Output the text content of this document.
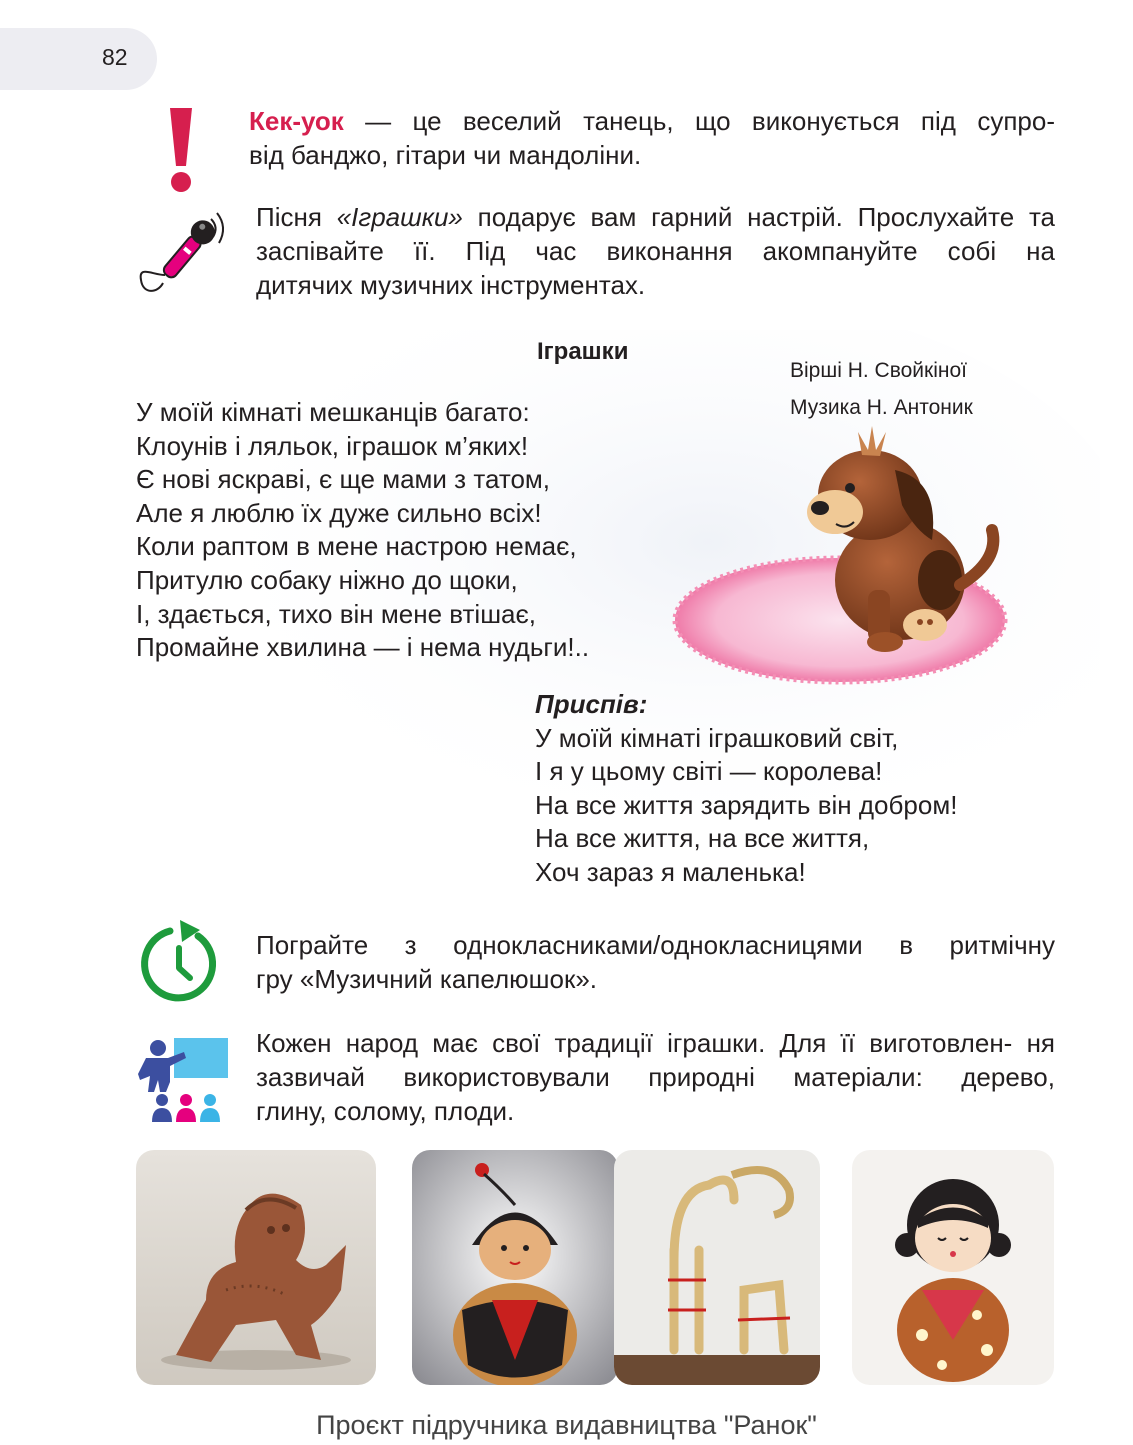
82
Кек-уок — це веселий танець, що виконується під супро-
від банджо, гітари чи мандоліни.
Пісня «Іграшки» подарує вам гарний настрій. Прослухайте та заспівайте її. Під час виконання акомпануйте собі на
дитячих музичних інструментах.
Іграшки
Вірші Н. Свойкіної
Музика Н. Антоник
У моїй кімнаті мешканців багато:
Клоунів і ляльок, іграшок м’яких!
Є нові яскраві, є ще мами з татом,
Але я люблю їх дуже сильно всіх!
Коли раптом в мене настрою немає,
Притулю собаку ніжно до щоки,
І, здається, тихо він мене втішає,
Промайне хвилина — і нема нудьги!..
Приспів:
У моїй кімнаті іграшковий світ,
І я у цьому світі — королева!
На все життя зарядить він добром!
На все життя, на все життя,
Хоч зараз я маленька!
Пограйте з однокласниками/однокласницями в ритмічну
гру «Музичний капелюшок».
Кожен народ має свої традиції іграшки. Для її виготовлен- ня зазвичай використовували природні матеріали: дерево,
глину, солому, плоди.
Проєкт підручника видавництва "Ранок"
